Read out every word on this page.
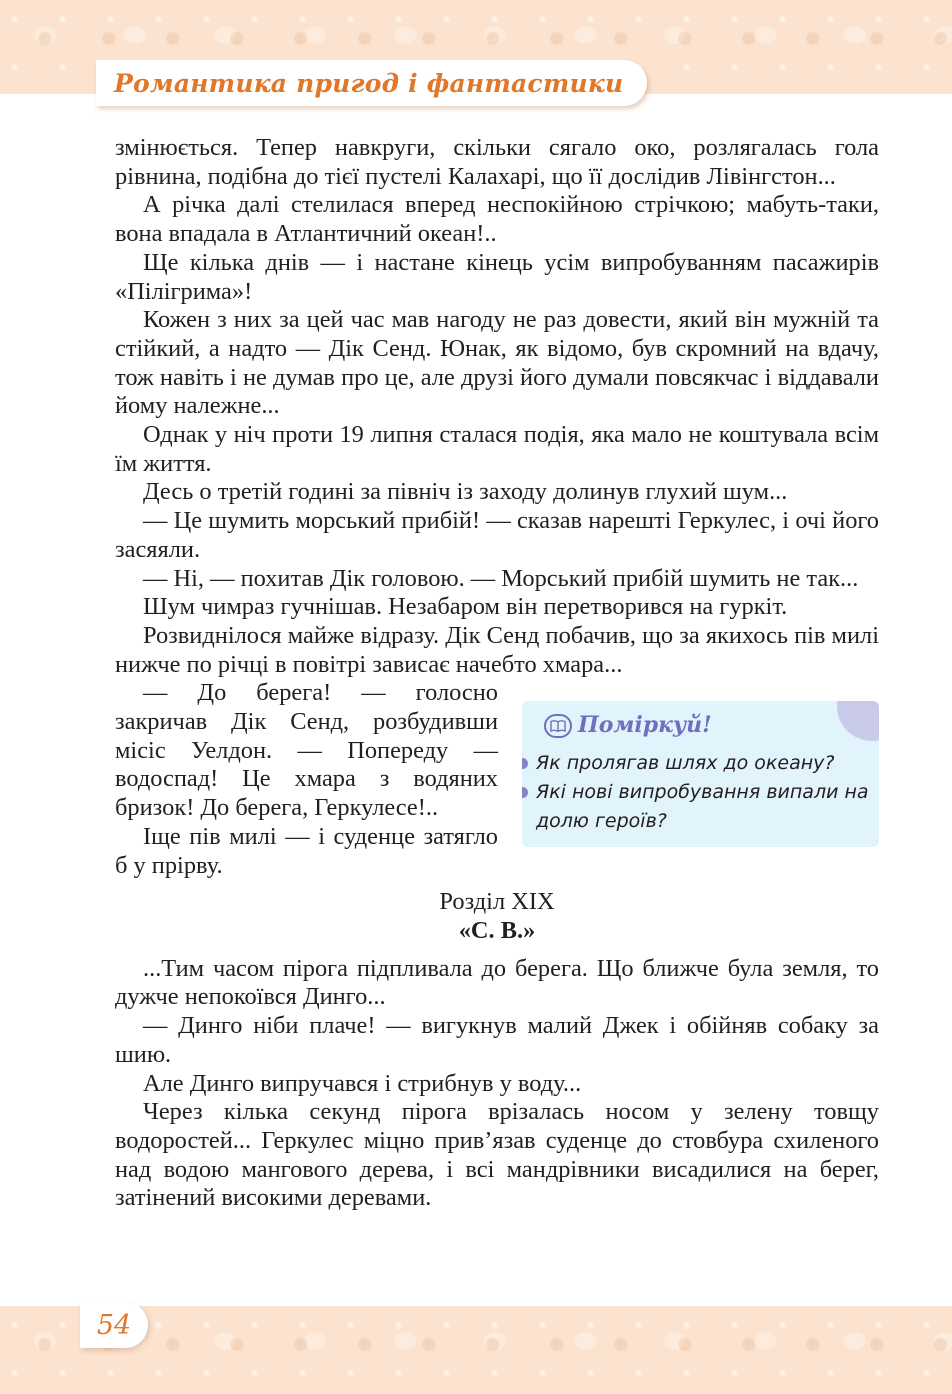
Романтика пригод і фантастики

змінюється. Тепер навкруги, скільки сягало око, розлягалась гола рівнина, подібна до тієї пустелі Калахарі, що її дослідив Лівінгстон...

А річка далі стелилася вперед неспокійною стрічкою; мабуть-таки, вона впадала в Атлантичний океан!..

Ще кілька днів — і настане кінець усім випробуванням пасажирів «Пілігрима»!

Кожен з них за цей час мав нагоду не раз довести, який він мужній та стійкий, а надто — Дік Сенд. Юнак, як відомо, був скромний на вдачу, тож навіть і не думав про це, але друзі його думали повсякчас і віддавали йому належне...

Однак у ніч проти 19 липня сталася подія, яка мало не коштувала всім їм життя.

Десь о третій годині за північ із заходу долинув глухий шум...

— Це шумить морський прибій! — сказав нарешті Геркулес, і очі його засяяли.

— Ні, — похитав Дік головою. — Морський прибій шумить не так...

Шум чимраз гучнішав. Незабаром він перетворився на гуркіт.

Розвиднілося майже відразу. Дік Сенд побачив, що за якихось пів милі нижче по річці в повітрі зависає начебто хмара...

Поміркуй!
Як пролягав шлях до океану?
Які нові випробування випали на долю героїв?

— До берега! — голосно закричав Дік Сенд, розбудивши місіс Уелдон. — Попереду — водоспад! Це хмара з водяних бризок! До берега, Геркулесе!..

Іще пів милі — і суденце затягло б у прірву.

Розділ XIX

«С. В.»

...Тим часом пірога підпливала до берега. Що ближче була земля, то дужче непокоївся Динго...

— Динго ніби плаче! — вигукнув малий Джек і обійняв собаку за шию.

Але Динго випручався і стрибнув у воду...

Через кілька секунд пірога врізалась носом у зелену товщу водоростей... Геркулес міцно прив’язав суденце до стовбура схиленого над водою мангового дерева, і всі мандрівники висадилися на берег, затінений високими деревами.

54
